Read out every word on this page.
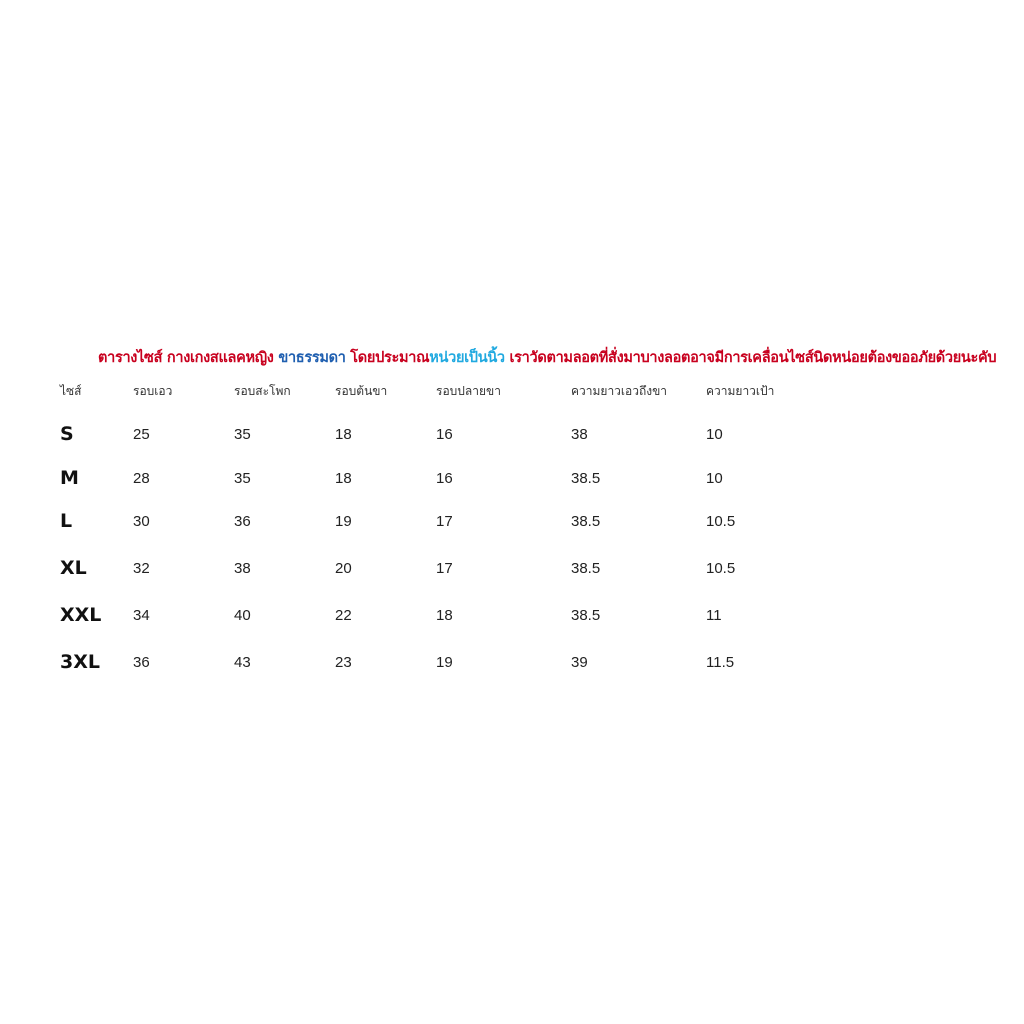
ตารางไซส์ กางเกงสแลคหญิง ขาธรรมดา โดยประมาณหน่วยเป็นนิ้ว เราวัดตามลอตที่สั่งมาบางลอตอาจมีการเคลื่อนไซส์นิดหน่อยต้องขออภัยด้วยนะคับ
ไซส์	รอบเอว	รอบสะโพก	รอบต้นขา	รอบปลายขา	ความยาวเอวถึงขา	ความยาวเป้า
S	25	35	18	16	38	10
M	28	35	18	16	38.5	10
L	30	36	19	17	38.5	10.5
XL	32	38	20	17	38.5	10.5
XXL	34	40	22	18	38.5	11
3XL	36	43	23	19	39	11.5
